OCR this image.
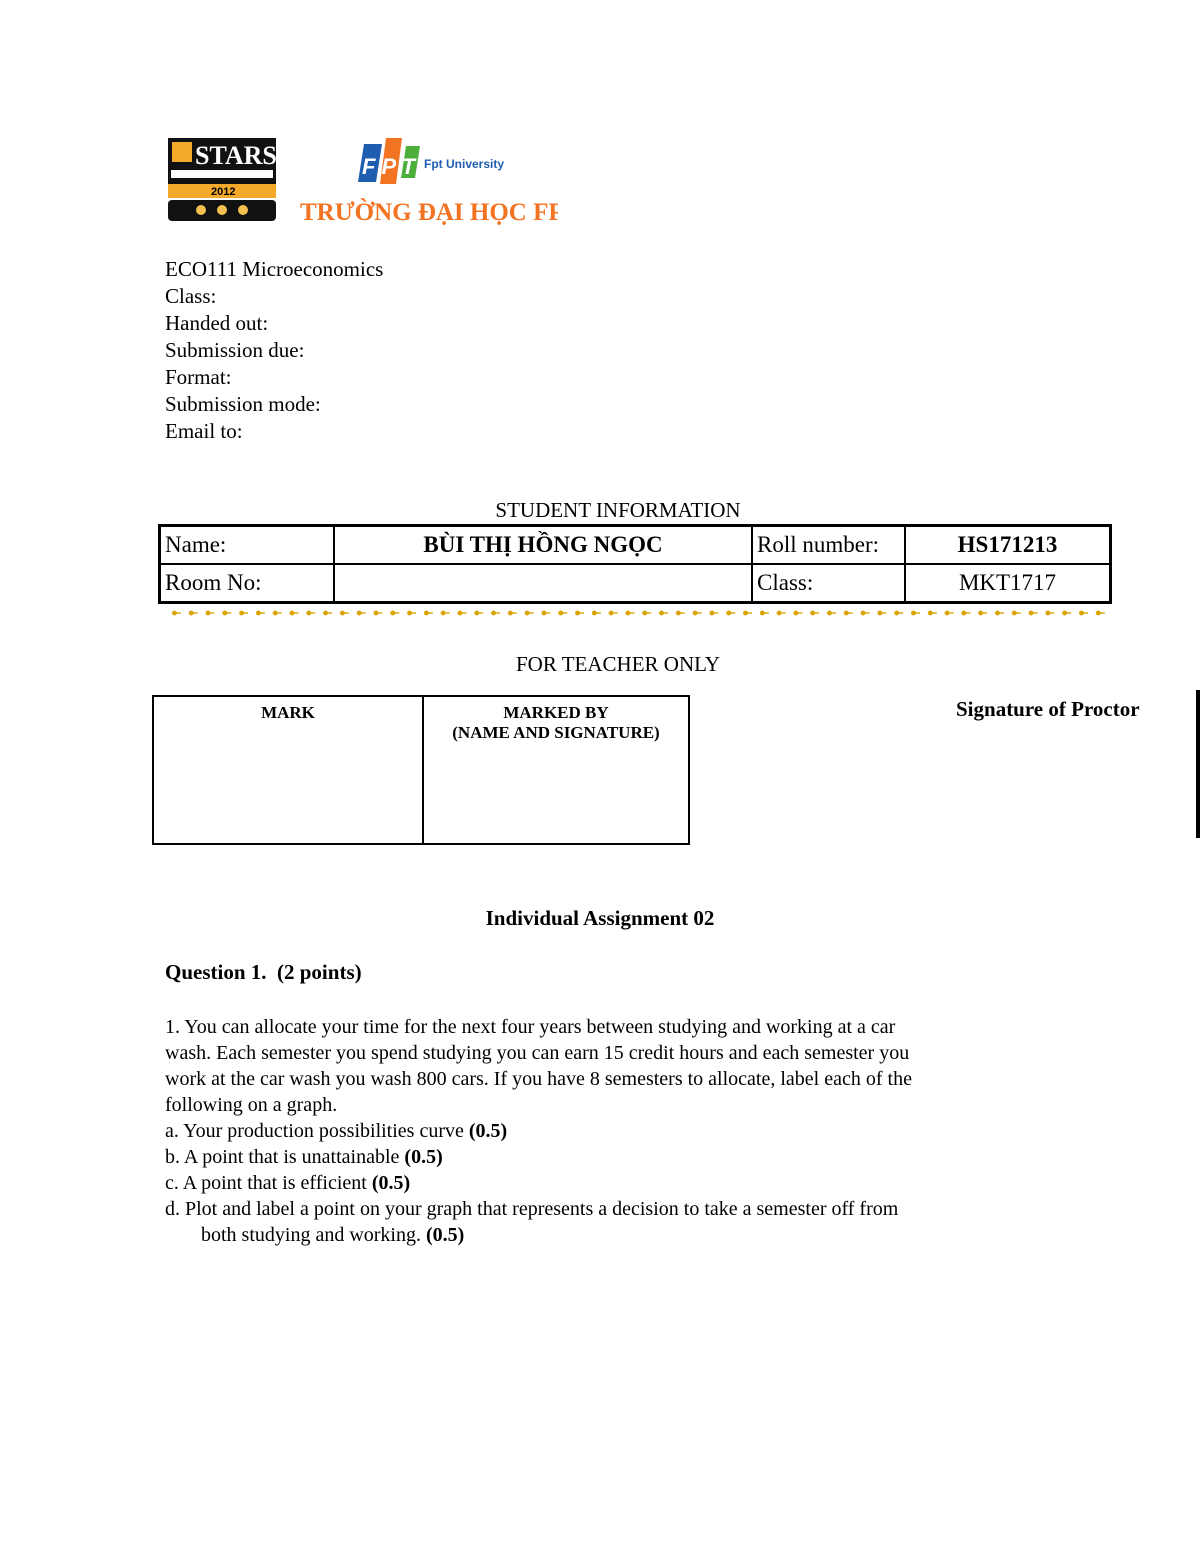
STARS
2012
F P T Fpt University
TRƯỜNG ĐẠI HỌC FPT
ECO111 Microeconomics
Class:
Handed out:
Submission due:
Format:
Submission mode:
Email to:
STUDENT INFORMATION
Name:	BÙI THỊ HỒNG NGỌC	Roll number:	HS171213
Room No:		Class:	MKT1717
FOR TEACHER ONLY
MARK	MARKED BY
(NAME AND SIGNATURE)
Signature of Proctor
Individual Assignment 02
Question 1.  (2 points)
1. You can allocate your time for the next four years between studying and working at a car
wash. Each semester you spend studying you can earn 15 credit hours and each semester you
work at the car wash you wash 800 cars. If you have 8 semesters to allocate, label each of the
following on a graph.
a. Your production possibilities curve (0.5)
b. A point that is unattainable (0.5)
c. A point that is efficient (0.5)
d. Plot and label a point on your graph that represents a decision to take a semester off from
both studying and working. (0.5)
